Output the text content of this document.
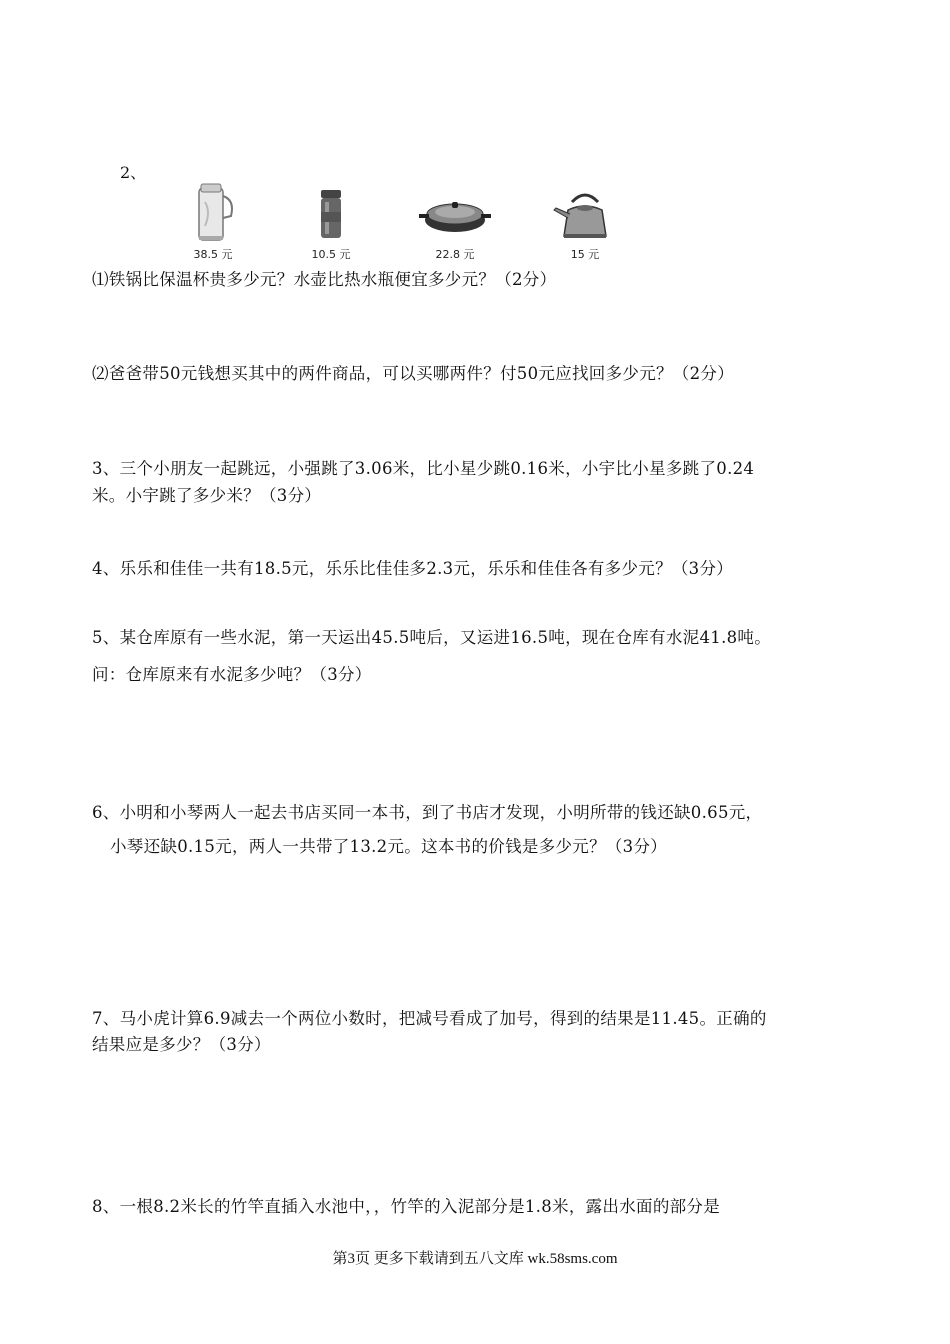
2、
38.5 元	10.5 元	22.8 元	15 元
⑴铁锅比保温杯贵多少元？水壶比热水瓶便宜多少元？（2分）
⑵爸爸带50元钱想买其中的两件商品，可以买哪两件？付50元应找回多少元？（2分）
3、三个小朋友一起跳远，小强跳了3.06米，比小星少跳0.16米，小宇比小星多跳了0.24
米。小宇跳了多少米？（3分）
4、乐乐和佳佳一共有18.5元，乐乐比佳佳多2.3元，乐乐和佳佳各有多少元？（3分）
5、某仓库原有一些水泥，第一天运出45.5吨后，又运进16.5吨，现在仓库有水泥41.8吨。
问：仓库原来有水泥多少吨？（3分）
6、小明和小琴两人一起去书店买同一本书，到了书店才发现，小明所带的钱还缺0.65元，
小琴还缺0.15元，两人一共带了13.2元。这本书的价钱是多少元？（3分）
7、马小虎计算6.9减去一个两位小数时，把减号看成了加号，得到的结果是11.45。正确的
结果应是多少？（3分）
8、一根8.2米长的竹竿直插入水池中，，竹竿的入泥部分是1.8米，露出水面的部分是
第3页 更多下载请到五八文库 wk.58sms.com
